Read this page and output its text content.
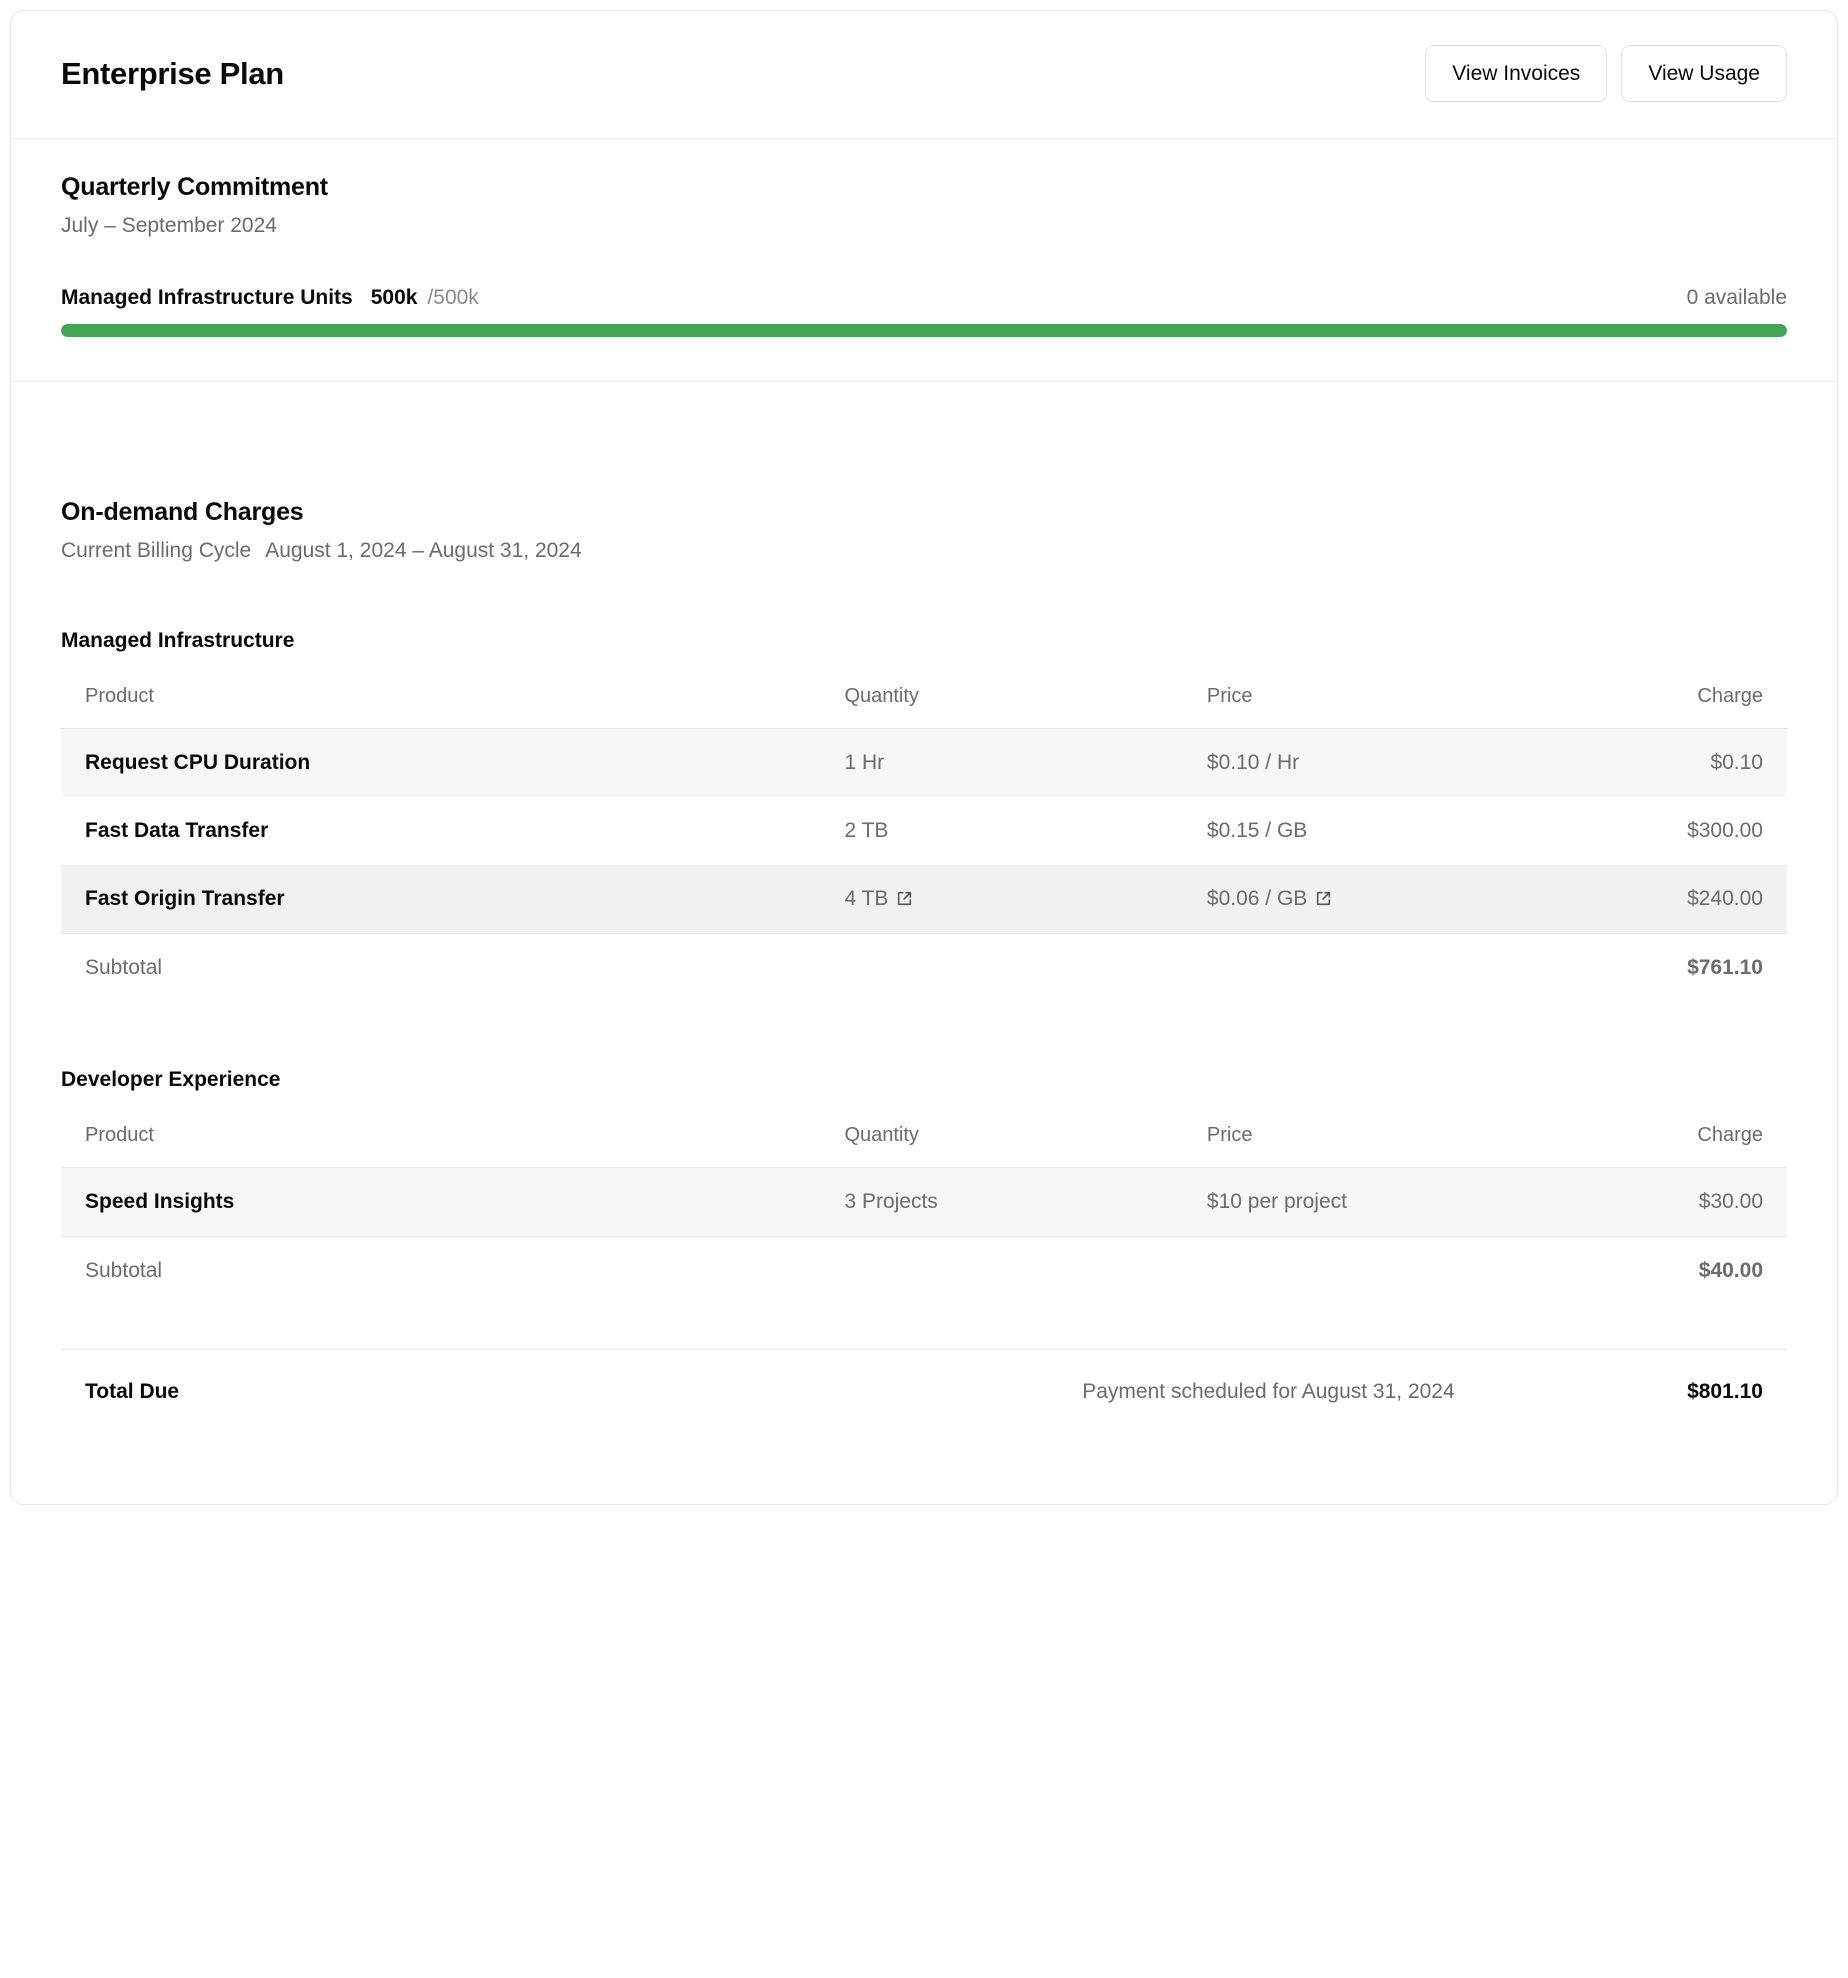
Enterprise Plan	View Invoices	View Usage
Quarterly Commitment

July – September 2024

Managed Infrastructure Units 500k /500k	0 available
On-demand Charges
Current Billing Cycle August 1, 2024 – August 31, 2024
Managed Infrastructure
Product	Quantity	Price	Charge
Request CPU Duration	1 Hr	$0.10 / Hr	$0.10
Fast Data Transfer	2 TB	$0.15 / GB	$300.00
Fast Origin Transfer	4 TB	$0.06 / GB	$240.00
Subtotal			$761.10
Developer Experience
Product	Quantity	Price	Charge
Speed Insights	3 Projects	$10 per project	$30.00
Subtotal			$40.00
Total Due	Payment scheduled for August 31, 2024	$801.10
